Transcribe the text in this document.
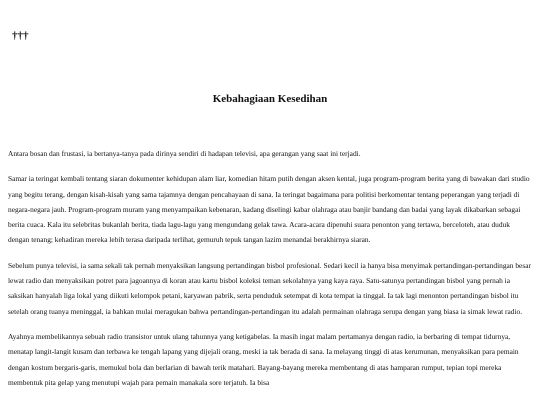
†††
Kebahagiaan Kesedihan

Antara bosan dan frustasi, ia bertanya-tanya pada dirinya sendiri di hadapan televisi, apa gerangan yang saat ini terjadi.

Samar ia teringat kembali tentang siaran dokumenter kehidupan alam liar, komedian hitam putih dengan aksen kental, juga program-program berita yang di bawakan dari studio yang begitu terang, dengan kisah-kisah yang sama tajamnya dengan pencahayaan di sana. Ia teringat bagaimana para politisi berkomentar tentang peperangan yang terjadi di negara-negara jauh. Program-program muram yang menyampaikan kebenaran, kadang diselingi kabar olahraga atau banjir bandang dan badai yang layak dikabarkan sebagai berita cuaca. Kala itu selebritas bukanlah berita, tiada lagu-lagu yang mengundang gelak tawa. Acara-acara dipenuhi suara penonton yang tertawa, berceloteh, atau duduk dengan tenang; kehadiran mereka lebih terasa daripada terlihat, gemuruh tepuk tangan lazim menandai berakhirnya siaran.

Sebelum punya televisi, ia sama sekali tak pernah menyaksikan langsung pertandingan bisbol profesional. Sedari kecil ia hanya bisa menyimak pertandingan-pertandingan besar lewat radio dan menyaksikan potret para jagoannya di koran atau kartu bisbol koleksi teman sekolahnya yang kaya raya. Satu-satunya pertandingan bisbol yang pernah ia saksikan hanyalah liga lokal yang diikuti kelompok petani, karyawan pabrik, serta penduduk setempat di kota tempat ia tinggal. Ia tak lagi menonton pertandingan bisbol itu setelah orang tuanya meninggal, ia bahkan mulai meragukan bahwa pertandingan-pertandingan itu adalah permainan olahraga serupa dengan yang biasa ia simak lewat radio.

Ayahnya membelikannya sebuah radio transistor untuk ulang tahunnya yang ketigabelas. Ia masih ingat malam pertamanya dengan radio, ia berbaring di tempat tidurnya, menatap langit-langit kusam dan terbawa ke tengah lapang yang dijejali orang, meski ia tak berada di sana. Ia melayang tinggi di atas kerumunan, menyaksikan para pemain dengan kostum bergaris-garis, memukul bola dan berlarian di bawah terik matahari. Bayang-bayang mereka membentang di atas hamparan rumput, tepian topi mereka membentuk pita gelap yang menutupi wajah para pemain manakala sore terjatuh. Ia bisa
